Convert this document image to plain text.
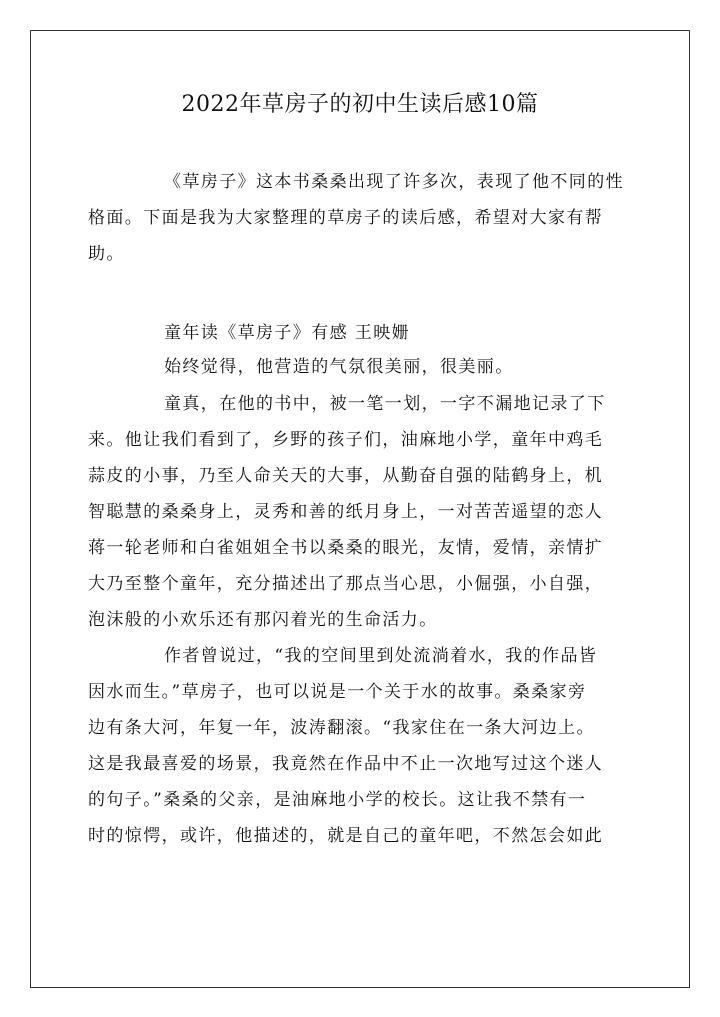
2022年草房子的初中生读后感10篇

《草房子》这本书桑桑出现了许多次，表现了他不同的性

格面。下面是我为大家整理的草房子的读后感，希望对大家有帮

助。

童年读《草房子》有感 王映姗

始终觉得，他营造的气氛很美丽，很美丽。

童真，在他的书中，被一笔一划，一字不漏地记录了下

来。他让我们看到了，乡野的孩子们，油麻地小学，童年中鸡毛

蒜皮的小事，乃至人命关天的大事，从勤奋自强的陆鹤身上，机

智聪慧的桑桑身上，灵秀和善的纸月身上，一对苦苦遥望的恋人

蒋一轮老师和白雀姐姐全书以桑桑的眼光，友情，爱情，亲情扩

大乃至整个童年，充分描述出了那点当心思，小倔强，小自强，

泡沫般的小欢乐还有那闪着光的生命活力。

作者曾说过，“我的空间里到处流淌着水，我的作品皆

因水而生。”草房子，也可以说是一个关于水的故事。桑桑家旁

边有条大河，年复一年，波涛翻滚。“我家住在一条大河边上。

这是我最喜爱的场景，我竟然在作品中不止一次地写过这个迷人

的句子。”桑桑的父亲，是油麻地小学的校长。这让我不禁有一

时的惊愕，或许，他描述的，就是自己的童年吧，不然怎会如此
